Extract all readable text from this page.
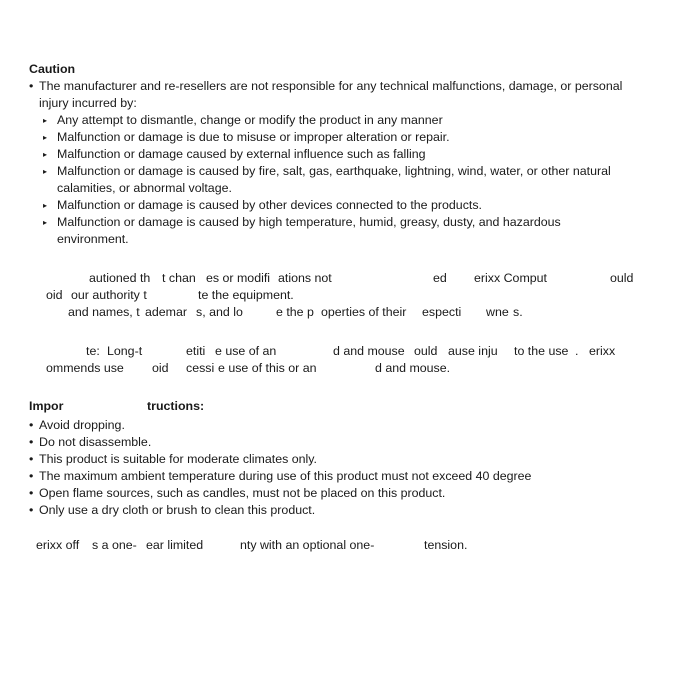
Caution
• The manufacturer and re-resellers are not responsible for any technical malfunctions, damage, or personal
injury incurred by:
▸ Any attempt to dismantle, change or modify the product in any manner
▸ Malfunction or damage is due to misuse or improper alteration or repair.
▸ Malfunction or damage caused by external influence such as falling
▸ Malfunction or damage is caused by fire, salt, gas, earthquake, lightning, wind, water, or other natural
calamities, or abnormal voltage.
▸ Malfunction or damage is caused by other devices connected to the products.
▸ Malfunction or damage is caused by high temperature, humid, greasy, dusty, and hazardous
environment.
autioned th t chan es or modifi ations not	ed erixx Comput	ould
oid our authority t	te the equipment.
and names, t ademar s, and lo	e the p operties of their especti wne s.
te: Long-t	etiti e use of an	d and mouse ould ause inju to the use . erixx
ommends use oid cessi e use of this or an	d and mouse.
Impor	tructions:
• Avoid dropping.
• Do not disassemble.
• This product is suitable for moderate climates only.
• The maximum ambient temperature during use of this product must not exceed 40 degree
• Open flame sources, such as candles, must not be placed on this product.
• Only use a dry cloth or brush to clean this product.
erixx off s a one- ear limited	nty with an optional one-	tension.
